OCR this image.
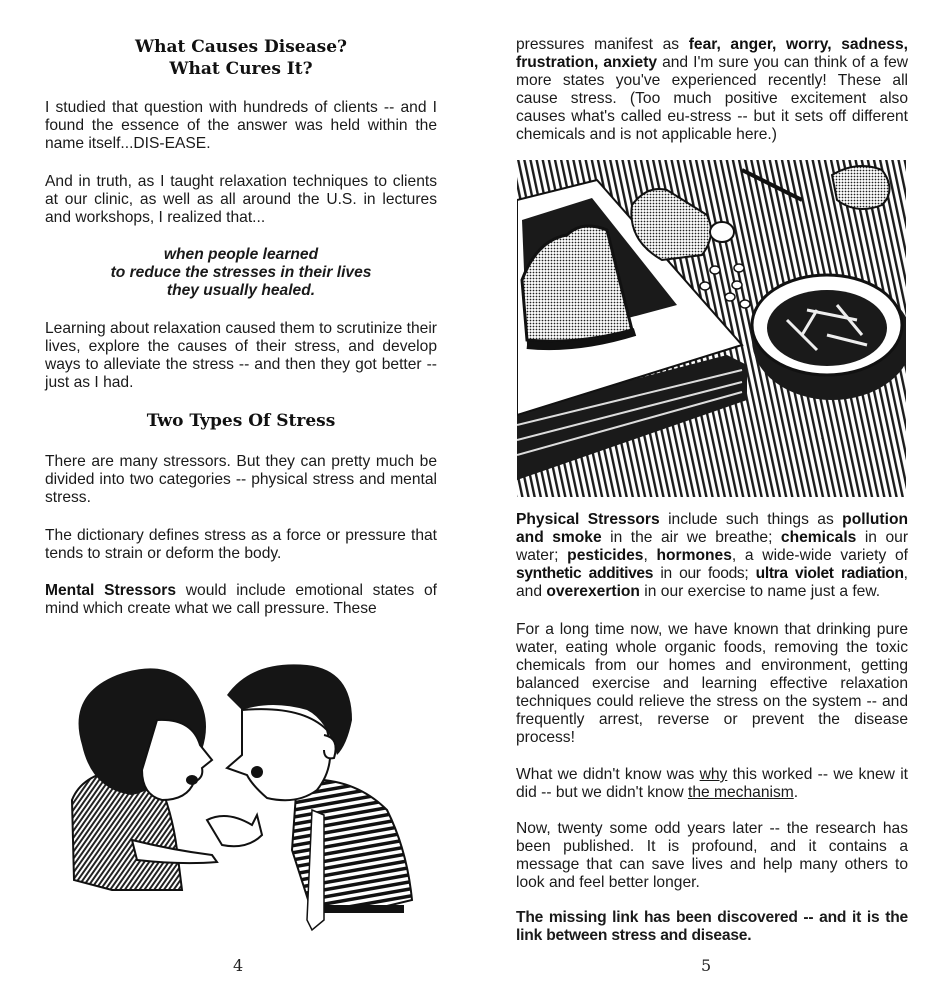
What Causes Disease?
What Cures It?

I studied that question with hundreds of clients -- and I found the essence of the answer was held within the name itself...DIS-EASE.

And in truth, as I taught relaxation techniques to clients at our clinic, as well as all around the U.S. in lectures and workshops, I realized that...

when people learned
to reduce the stresses in their lives
they usually healed.

Learning about relaxation caused them to scrutinize their lives, explore the causes of their stress, and develop ways to alleviate the stress -- and then they got better -- just as I had.

Two Types Of Stress

There are many stressors. But they can pretty much be divided into two categories -- physical stress and mental stress.

The dictionary defines stress as a force or pressure that tends to strain or deform the body.

Mental Stressors would include emotional states of mind which create what we call pressure. These

4

pressures manifest as fear, anger, worry, sadness, frustration, anxiety and I'm sure you can think of a few more states you've experienced recently! These all cause stress. (Too much positive excitement also causes what's called eu-stress -- but it sets off different chemicals and is not applicable here.)

Physical Stressors include such things as pollution and smoke in the air we breathe; chemicals in our water; pesticides, hormones, a wide-wide variety of synthetic additives in our foods; ultra violet radiation, and overexertion in our exercise to name just a few.

For a long time now, we have known that drinking pure water, eating whole organic foods, removing the toxic chemicals from our homes and environment, getting balanced exercise and learning effective relaxation techniques could relieve the stress on the system -- and frequently arrest, reverse or prevent the disease process!

What we didn't know was why this worked -- we knew it did -- but we didn't know the mechanism.

Now, twenty some odd years later -- the research has been published. It is profound, and it contains a message that can save lives and help many others to look and feel better longer.

The missing link has been discovered -- and it is the link between stress and disease.

5
